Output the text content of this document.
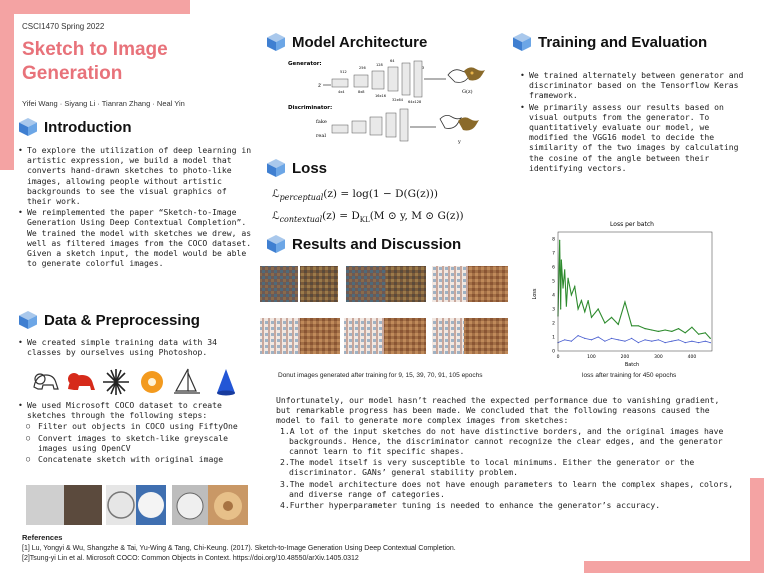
CSCI1470 Spring 2022
Sketch to Image
Generation
Yifei Wang · Siyang Li · Tianran Zhang · Neal Yin
Introduction
• To explore the utilization of deep learning in artistic expression, we build a model that converts hand-drawn sketches to photo-like images, allowing people without artistic backgrounds to see the visual graphics of their work.
• We reimplemented the paper “Sketch-to-Image Generation Using Deep Contextual Completion”. We trained the model with sketches we drew, as well as filtered images from the COCO dataset. Given a sketch input, the model would be able to generate colorful images.
Data & Preprocessing
• We created simple training data with 34 classes by ourselves using Photoshop.
• We used Microsoft COCO dataset to create sketches through the following steps:
○ Filter out objects in COCO using FiftyOne
○ Convert images to sketch-like greyscale images using OpenCV
○ Concatenate sketch with original image
Model Architecture
Generator:
z
512
256
128
64
4x4	8x8
16x16
32x64 64x128
3
G(z)
Discriminator:
fake
real
y
Loss
ℒ$_{perceptual}$(z) = log(1 − D(G(z)))
ℒ$_{contextual}$(z) = $D_{KL}(M$ ⊙ y, M ⊙ G(z))
Results and Discussion
Donut images generated after training for 9, 15, 39, 70, 91, 105 epochs
Loss per batch
0
1
2
3
4
5
6
7
8
0	100	200	300	400
Batch
Loss
loss after training for 450 epochs
Unfortunately, our model hasn’t reached the expected performance due to vanishing gradient, but remarkable progress has been made. We concluded that the following reasons caused the model to fail to generate more complex images from sketches:
1.A lot of the input sketches do not have distinctive borders, and the original images have backgrounds. Hence, the discriminator cannot recognize the clear edges, and the generator cannot learn to fit specific shapes.
2.The model itself is very susceptible to local minimums. Either the generator or the discriminator. GANs’ general stability problem.
3.The model architecture does not have enough parameters to learn the complex shapes, colors, and diverse range of categories.
4.Further hyperparameter tuning is needed to enhance the generator’s accuracy.
Training and Evaluation
• We trained alternately between generator and discriminator based on the Tensorflow Keras framework.
• We primarily assess our results based on visual outputs from the generator. To quantitatively evaluate our model, we modified the VGG16 model to decide the similarity of the two images by calculating the cosine of the angle between their identifying vectors.
References
[1] Lu, Yongyi & Wu, Shangzhe & Tai, Yu-Wing & Tang, Chi-Keung. (2017). Sketch-to-Image Generation Using Deep Contextual Completion.
[2]Tsung-yi Lin et al. Microsoft COCO: Common Objects in Context. https://doi.org/10.48550/arXiv.1405.0312
